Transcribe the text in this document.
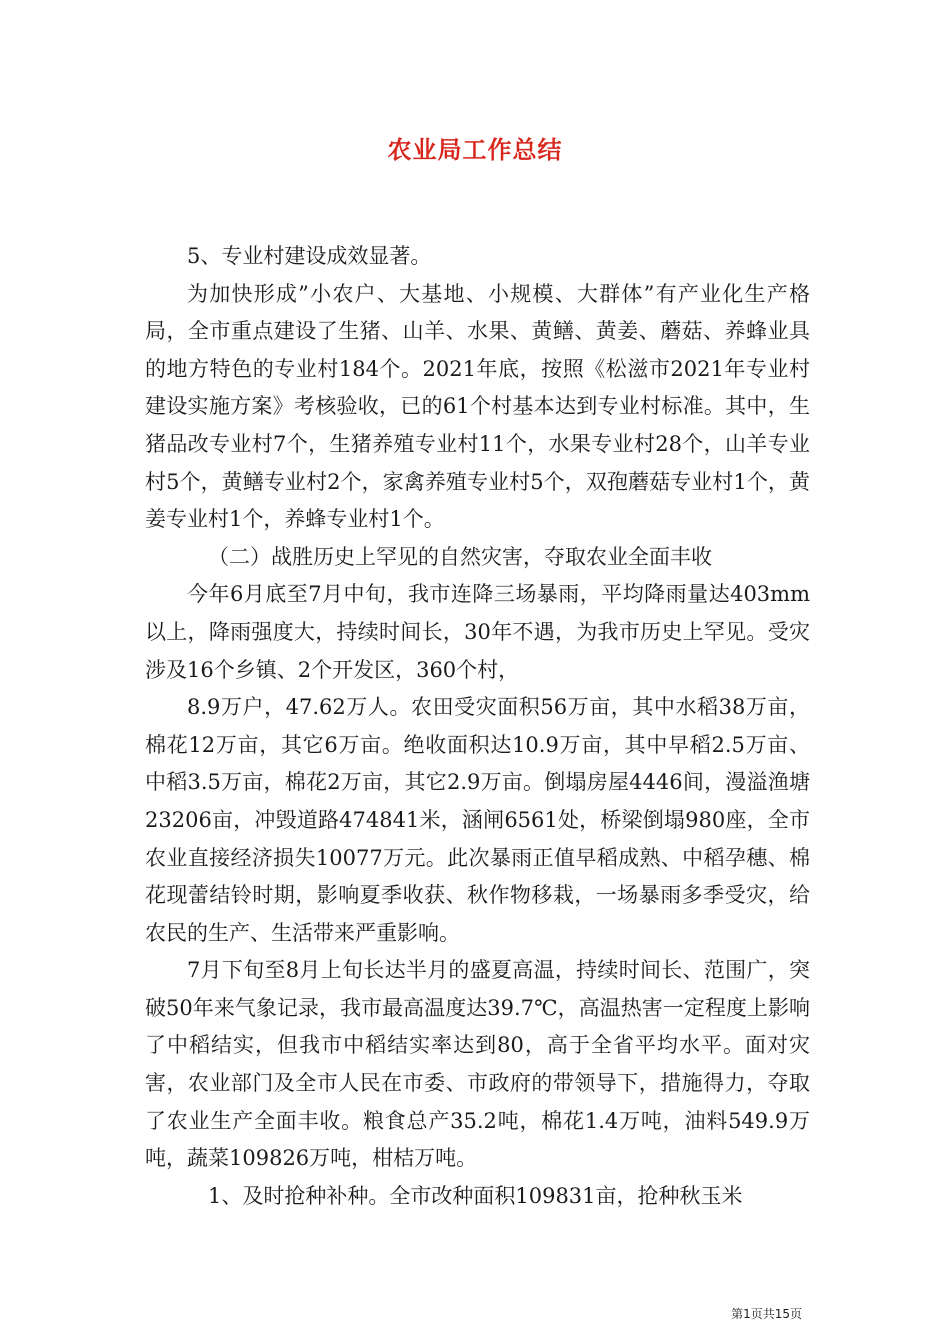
农业局工作总结

5、专业村建设成效显著。

为加快形成”小农户、大基地、小规模、大群体”有产业化生产格局，全市重点建设了生猪、山羊、水果、黄鳝、黄姜、蘑菇、养蜂业具的地方特色的专业村184个。2021年底，按照《松滋市2021年专业村建设实施方案》考核验收，已的61个村基本达到专业村标准。其中，生猪品改专业村7个，生猪养殖专业村11个，水果专业村28个，山羊专业村5个，黄鳝专业村2个，家禽养殖专业村5个，双孢蘑菇专业村1个，黄姜专业村1个，养蜂专业村1个。

（二）战胜历史上罕见的自然灾害，夺取农业全面丰收

今年6月底至7月中旬，我市连降三场暴雨，平均降雨量达403mm以上，降雨强度大，持续时间长，30年不遇，为我市历史上罕见。受灾涉及16个乡镇、2个开发区，360个村，

8.9万户，47.62万人。农田受灾面积56万亩，其中水稻38万亩，棉花12万亩，其它6万亩。绝收面积达10.9万亩，其中早稻2.5万亩、中稻3.5万亩，棉花2万亩，其它2.9万亩。倒塌房屋4446间，漫溢渔塘23206亩，冲毁道路474841米，涵闸6561处，桥梁倒塌980座，全市农业直接经济损失10077万元。此次暴雨正值早稻成熟、中稻孕穗、棉花现蕾结铃时期，影响夏季收获、秋作物移栽，一场暴雨多季受灾，给农民的生产、生活带来严重影响。

7月下旬至8月上旬长达半月的盛夏高温，持续时间长、范围广，突破50年来气象记录，我市最高温度达39.7℃，高温热害一定程度上影响了中稻结实，但我市中稻结实率达到80，高于全省平均水平。面对灾害，农业部门及全市人民在市委、市政府的带领导下，措施得力，夺取了农业生产全面丰收。粮食总产35.2吨，棉花1.4万吨，油料549.9万吨，蔬菜109826万吨，柑桔万吨。

1、及时抢种补种。全市改种面积109831亩，抢种秋玉米

第1页共15页
